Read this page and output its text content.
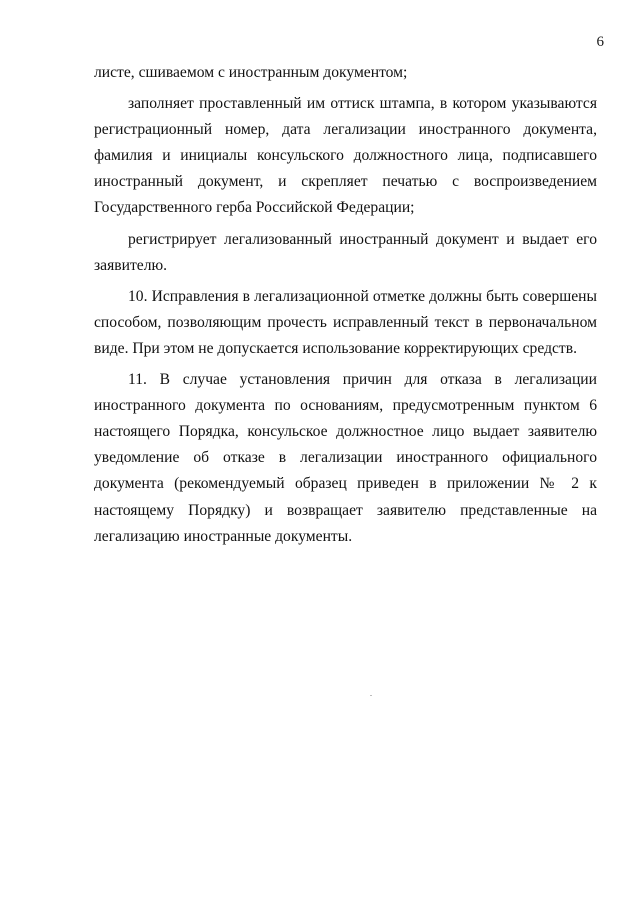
6

листе, сшиваемом с иностранным документом;

заполняет проставленный им оттиск штампа, в котором указываются регистрационный номер, дата легализации иностранного документа, фамилия и инициалы консульского должностного лица, подписавшего иностранный документ, и скрепляет печатью с воспроизведением Государственного герба Российской Федерации;

регистрирует легализованный иностранный документ и выдает его заявителю.

10. Исправления в легализационной отметке должны быть совершены способом, позволяющим прочесть исправленный текст в первоначальном виде. При этом не допускается использование корректирующих средств.

11. В случае установления причин для отказа в легализации иностранного документа по основаниям, предусмотренным пунктом 6 настоящего Порядка, консульское должностное лицо выдает заявителю уведомление об отказе в легализации иностранного официального документа (рекомендуемый образец приведен в приложении № 2 к настоящему Порядку) и возвращает заявителю представленные на легализацию иностранные документы.
